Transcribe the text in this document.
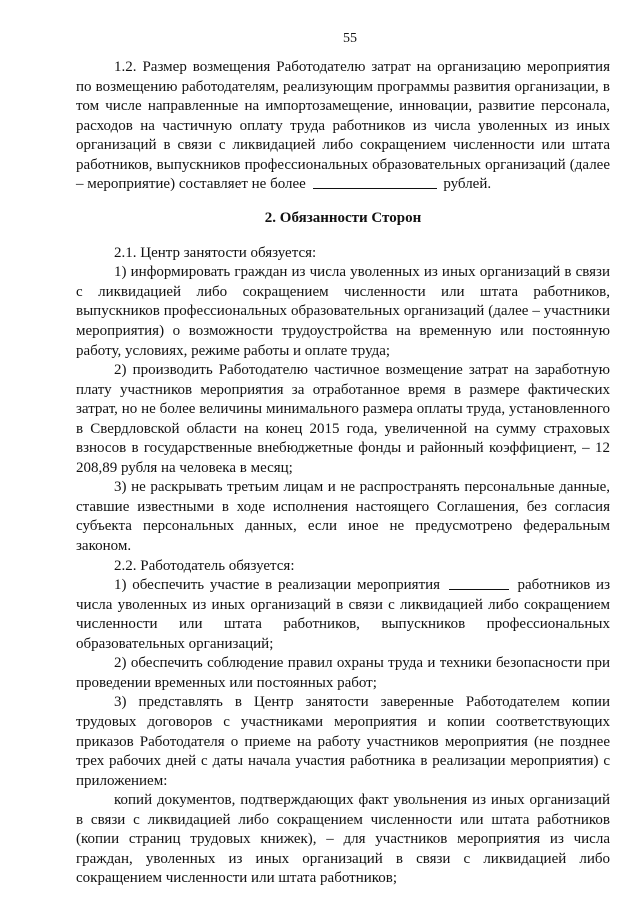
55

1.2. Размер возмещения Работодателю затрат на организацию мероприятия по возмещению работодателям, реализующим программы развития организации, в том числе направленные на импортозамещение, инновации, развитие персонала, расходов на частичную оплату труда работников из числа уволенных из иных организаций в связи с ликвидацией либо сокращением численности или штата работников, выпускников профессиональных образовательных организаций (далее – мероприятие) составляет не более	рублей.

2. Обязанности Сторон

2.1. Центр занятости обязуется:

1) информировать граждан из числа уволенных из иных организаций в связи с ликвидацией либо сокращением численности или штата работников, выпускников профессиональных образовательных организаций (далее – участники мероприятия) о возможности трудоустройства на временную или постоянную работу, условиях, режиме работы и оплате труда;

2) производить Работодателю частичное возмещение затрат на заработную плату участников мероприятия за отработанное время в размере фактических затрат, но не более величины минимального размера оплаты труда, установленного в Свердловской области на конец 2015 года, увеличенной на сумму страховых взносов в государственные внебюджетные фонды и районный коэффициент, – 12 208,89 рубля на человека в месяц;

3) не раскрывать третьим лицам и не распространять персональные данные, ставшие известными в ходе исполнения настоящего Соглашения, без согласия субъекта персональных данных, если иное не предусмотрено федеральным законом.

2.2. Работодатель обязуется:

1) обеспечить участие в реализации мероприятия	работников из числа уволенных из иных организаций в связи с ликвидацией либо сокращением численности или штата работников, выпускников профессиональных образовательных организаций;

2) обеспечить соблюдение правил охраны труда и техники безопасности при проведении временных или постоянных работ;

3) представлять в Центр занятости заверенные Работодателем копии трудовых договоров с участниками мероприятия и копии соответствующих приказов Работодателя о приеме на работу участников мероприятия (не позднее трех рабочих дней с даты начала участия работника в реализации мероприятия) с приложением:

копий документов, подтверждающих факт увольнения из иных организаций в связи с ликвидацией либо сокращением численности или штата работников (копии страниц трудовых книжек), – для участников мероприятия из числа граждан, уволенных из иных организаций в связи с ликвидацией либо сокращением численности или штата работников;
